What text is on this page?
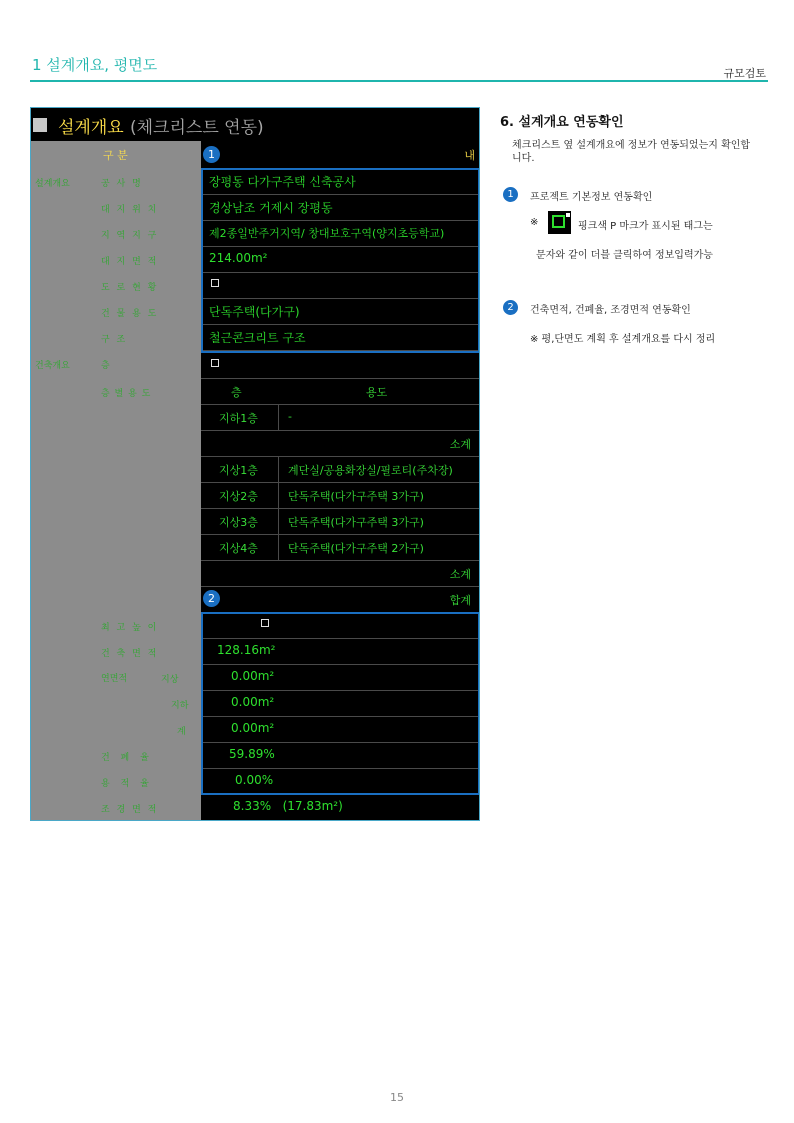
1 설계개요, 평면도	규모검토
설계개요 (체크리스트 연동)
구 분	내
1
설계개요
건축개요
공 사 명	장평동 다가구주택 신축공사
대 지 위 치	경상남조 거제시 장평동
지 역 지 구	제2종일반주거지역/ 창대보호구역(양지초등학교)
대 지 면 적	214.00m²
도 로 현 황
건 물 용 도	단독주택(다가구)
구 조	철근콘크리트 구조
층
층 별 용 도	층	용도
지하1층	-
소계
지상1층	계단실/공용화장실/필로티(주차장)
지상2층	단독주택(다가구주택 3가구)
지상3층	단독주택(다가구주택 3가구)
지상4층	단독주택(다가구주택 2가구)
소계
합계
2
최 고 높 이
건 축 면 적	128.16m²
연면적	지상	0.00m²
지하	0.00m²
계	0.00m²
건 폐 율	59.89%
용 적 율	0.00%
조 경 면 적	8.33%   (17.83m²)
6. 설계개요 연동확인
체크리스트 옆 설계개요에 정보가 연동되었는지 확인합니다.
1	프로젝트 기본정보 연동확인
※	핑크색 P 마크가 표시된 태그는
문자와 같이 더블 클릭하여 정보입력가능
2	건축면적, 건폐율, 조경면적 연동확인
※ 평,단면도 계획 후 설계개요를 다시 정리
15
